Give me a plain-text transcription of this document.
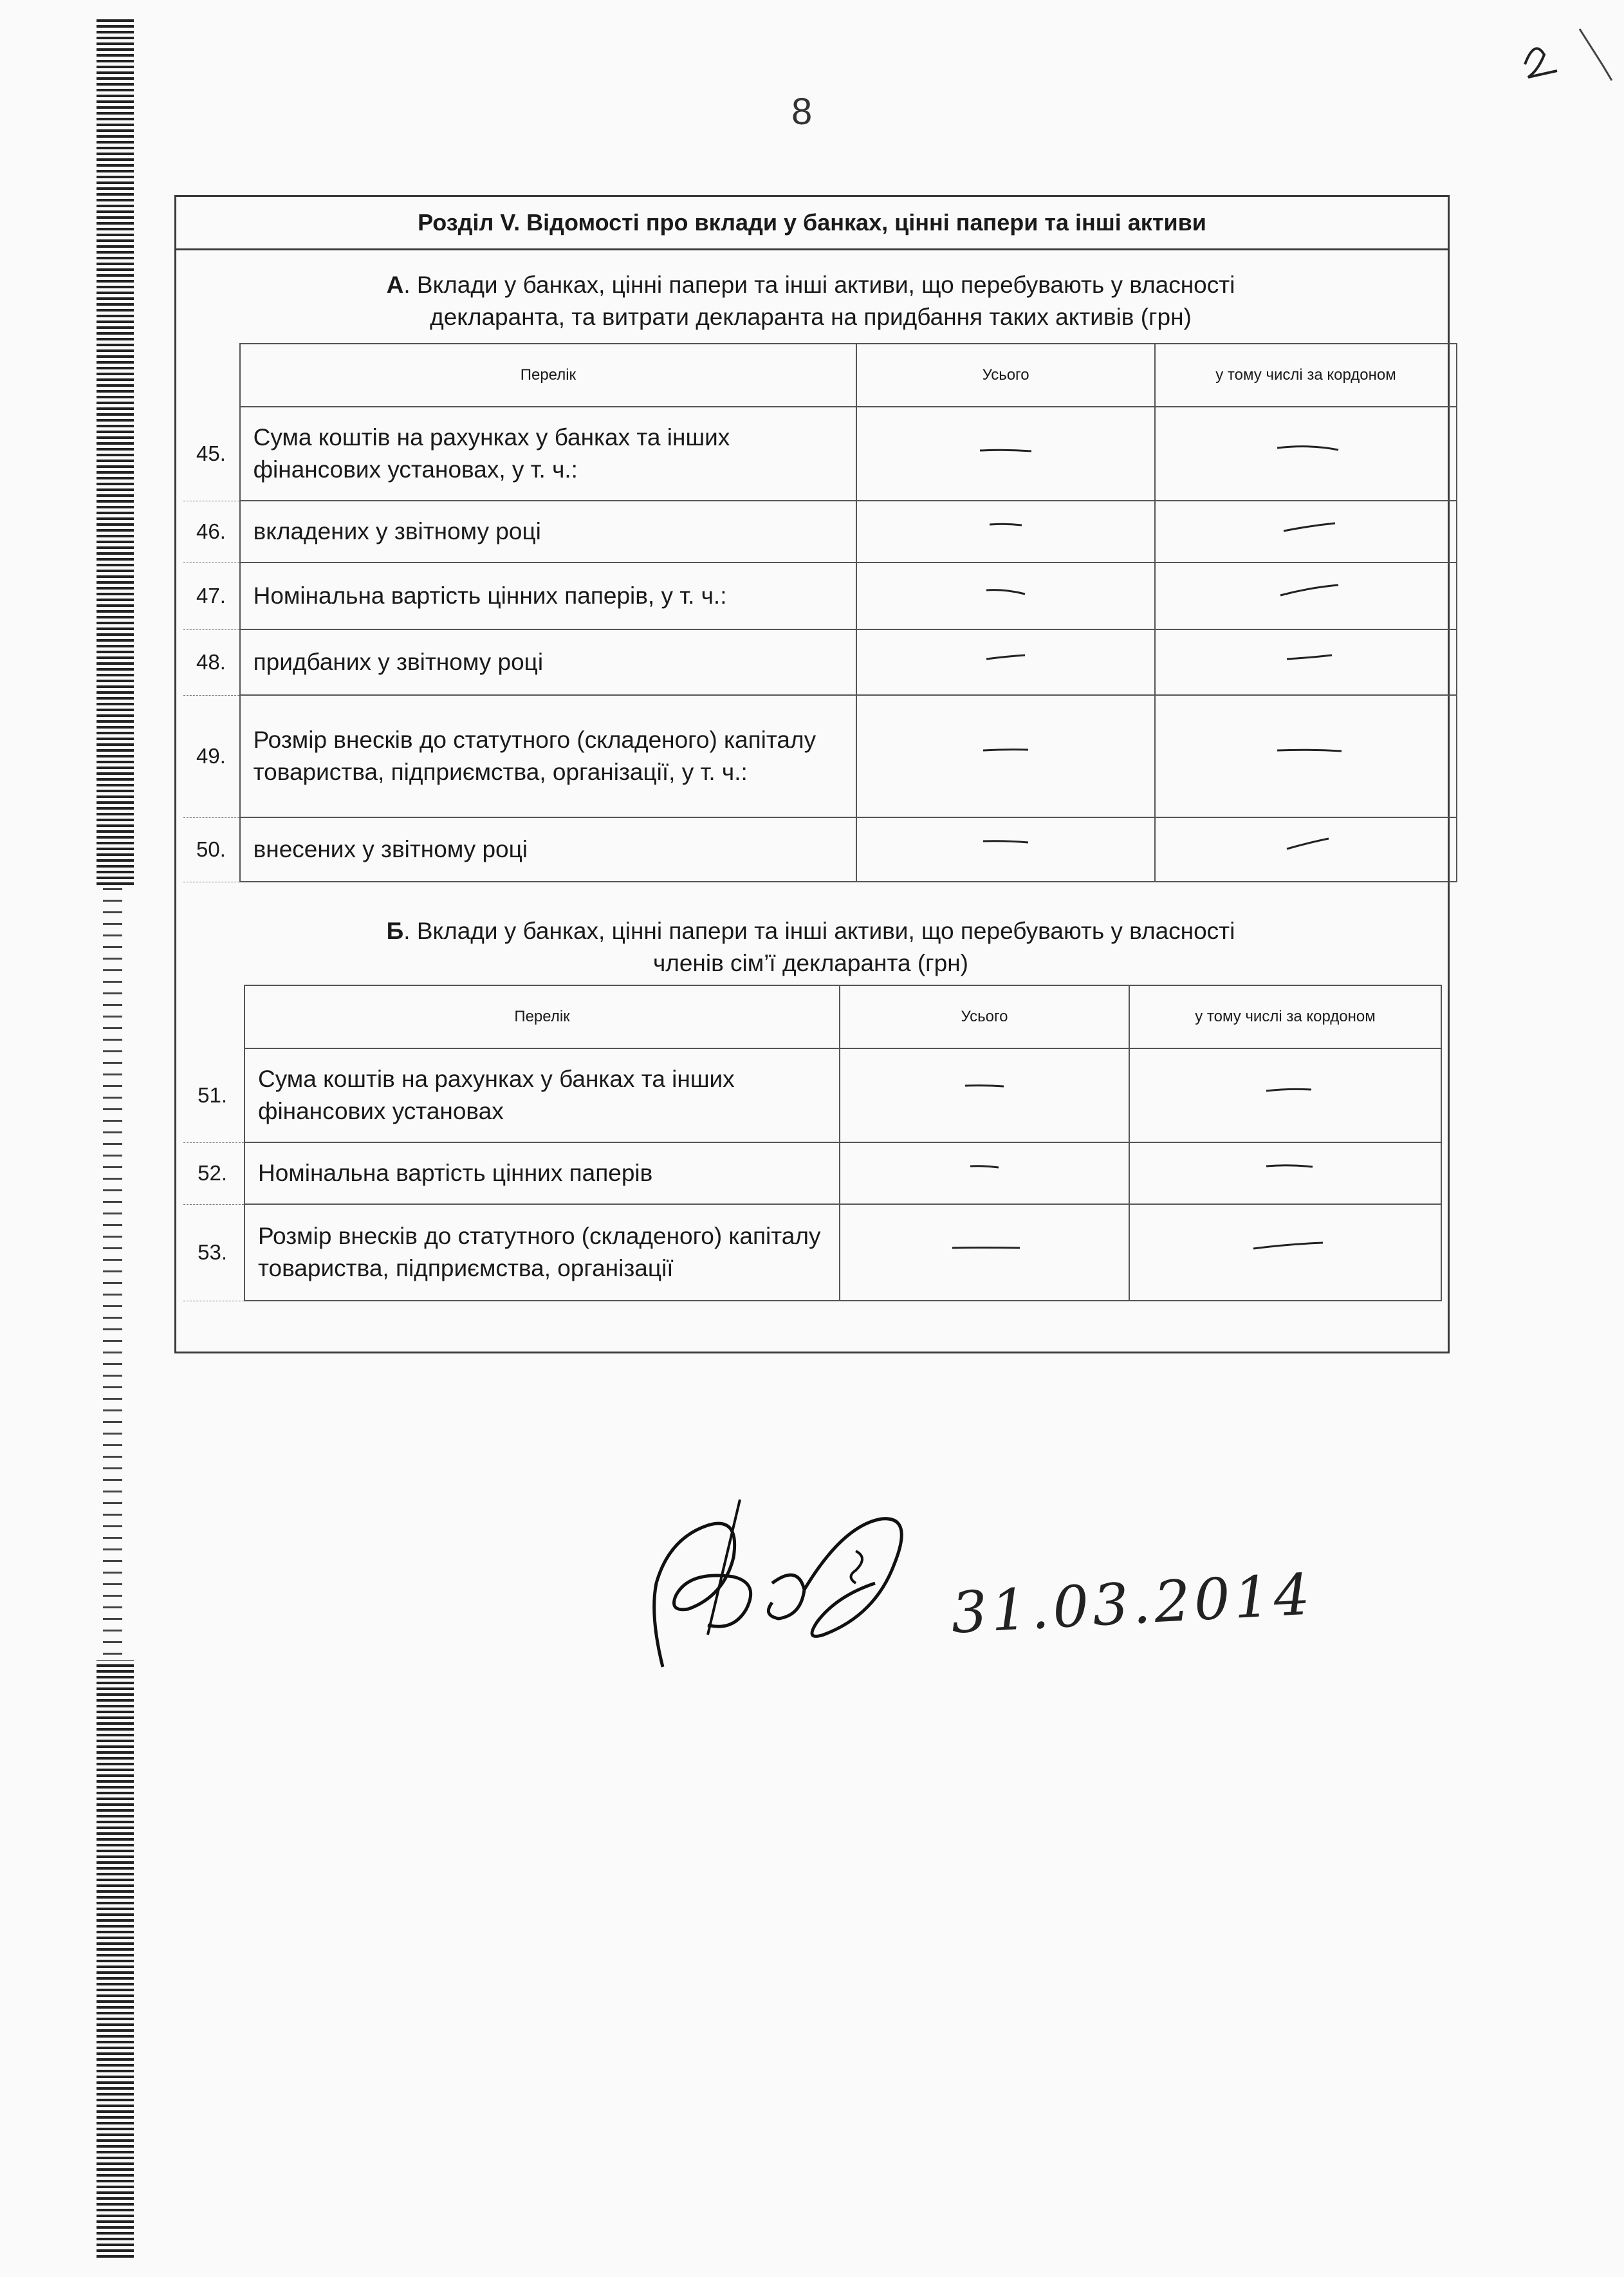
8
Розділ V. Відомості про вклади у банках, цінні папери та інші активи
А. Вклади у банках, цінні папери та інші активи, що перебувають у власності
декларанта, та витрати декларанта на придбання таких активів (грн)
	Перелік	Усього	у тому числі за кордоном
45.	Сума коштів на рахунках у банках та інших фінансових установах, у т. ч.:		
46.	вкладених у звітному році		
47.	Номінальна вартість цінних паперів, у т. ч.:		
48.	придбаних у звітному році		
49.	Розмір внесків до статутного (складеного) капіталу товариства, підприємства, організації, у т. ч.:		
50.	внесених у звітному році		
Б. Вклади у банках, цінні папери та інші активи, що перебувають у власності
членів сім’ї декларанта (грн)
	Перелік	Усього	у тому числі за кордоном
51.	Сума коштів на рахунках у банках та інших фінансових установах		
52.	Номінальна вартість цінних паперів		
53.	Розмір внесків до статутного (складеного) капіталу товариства, підприємства, організації		
31.03.2014
